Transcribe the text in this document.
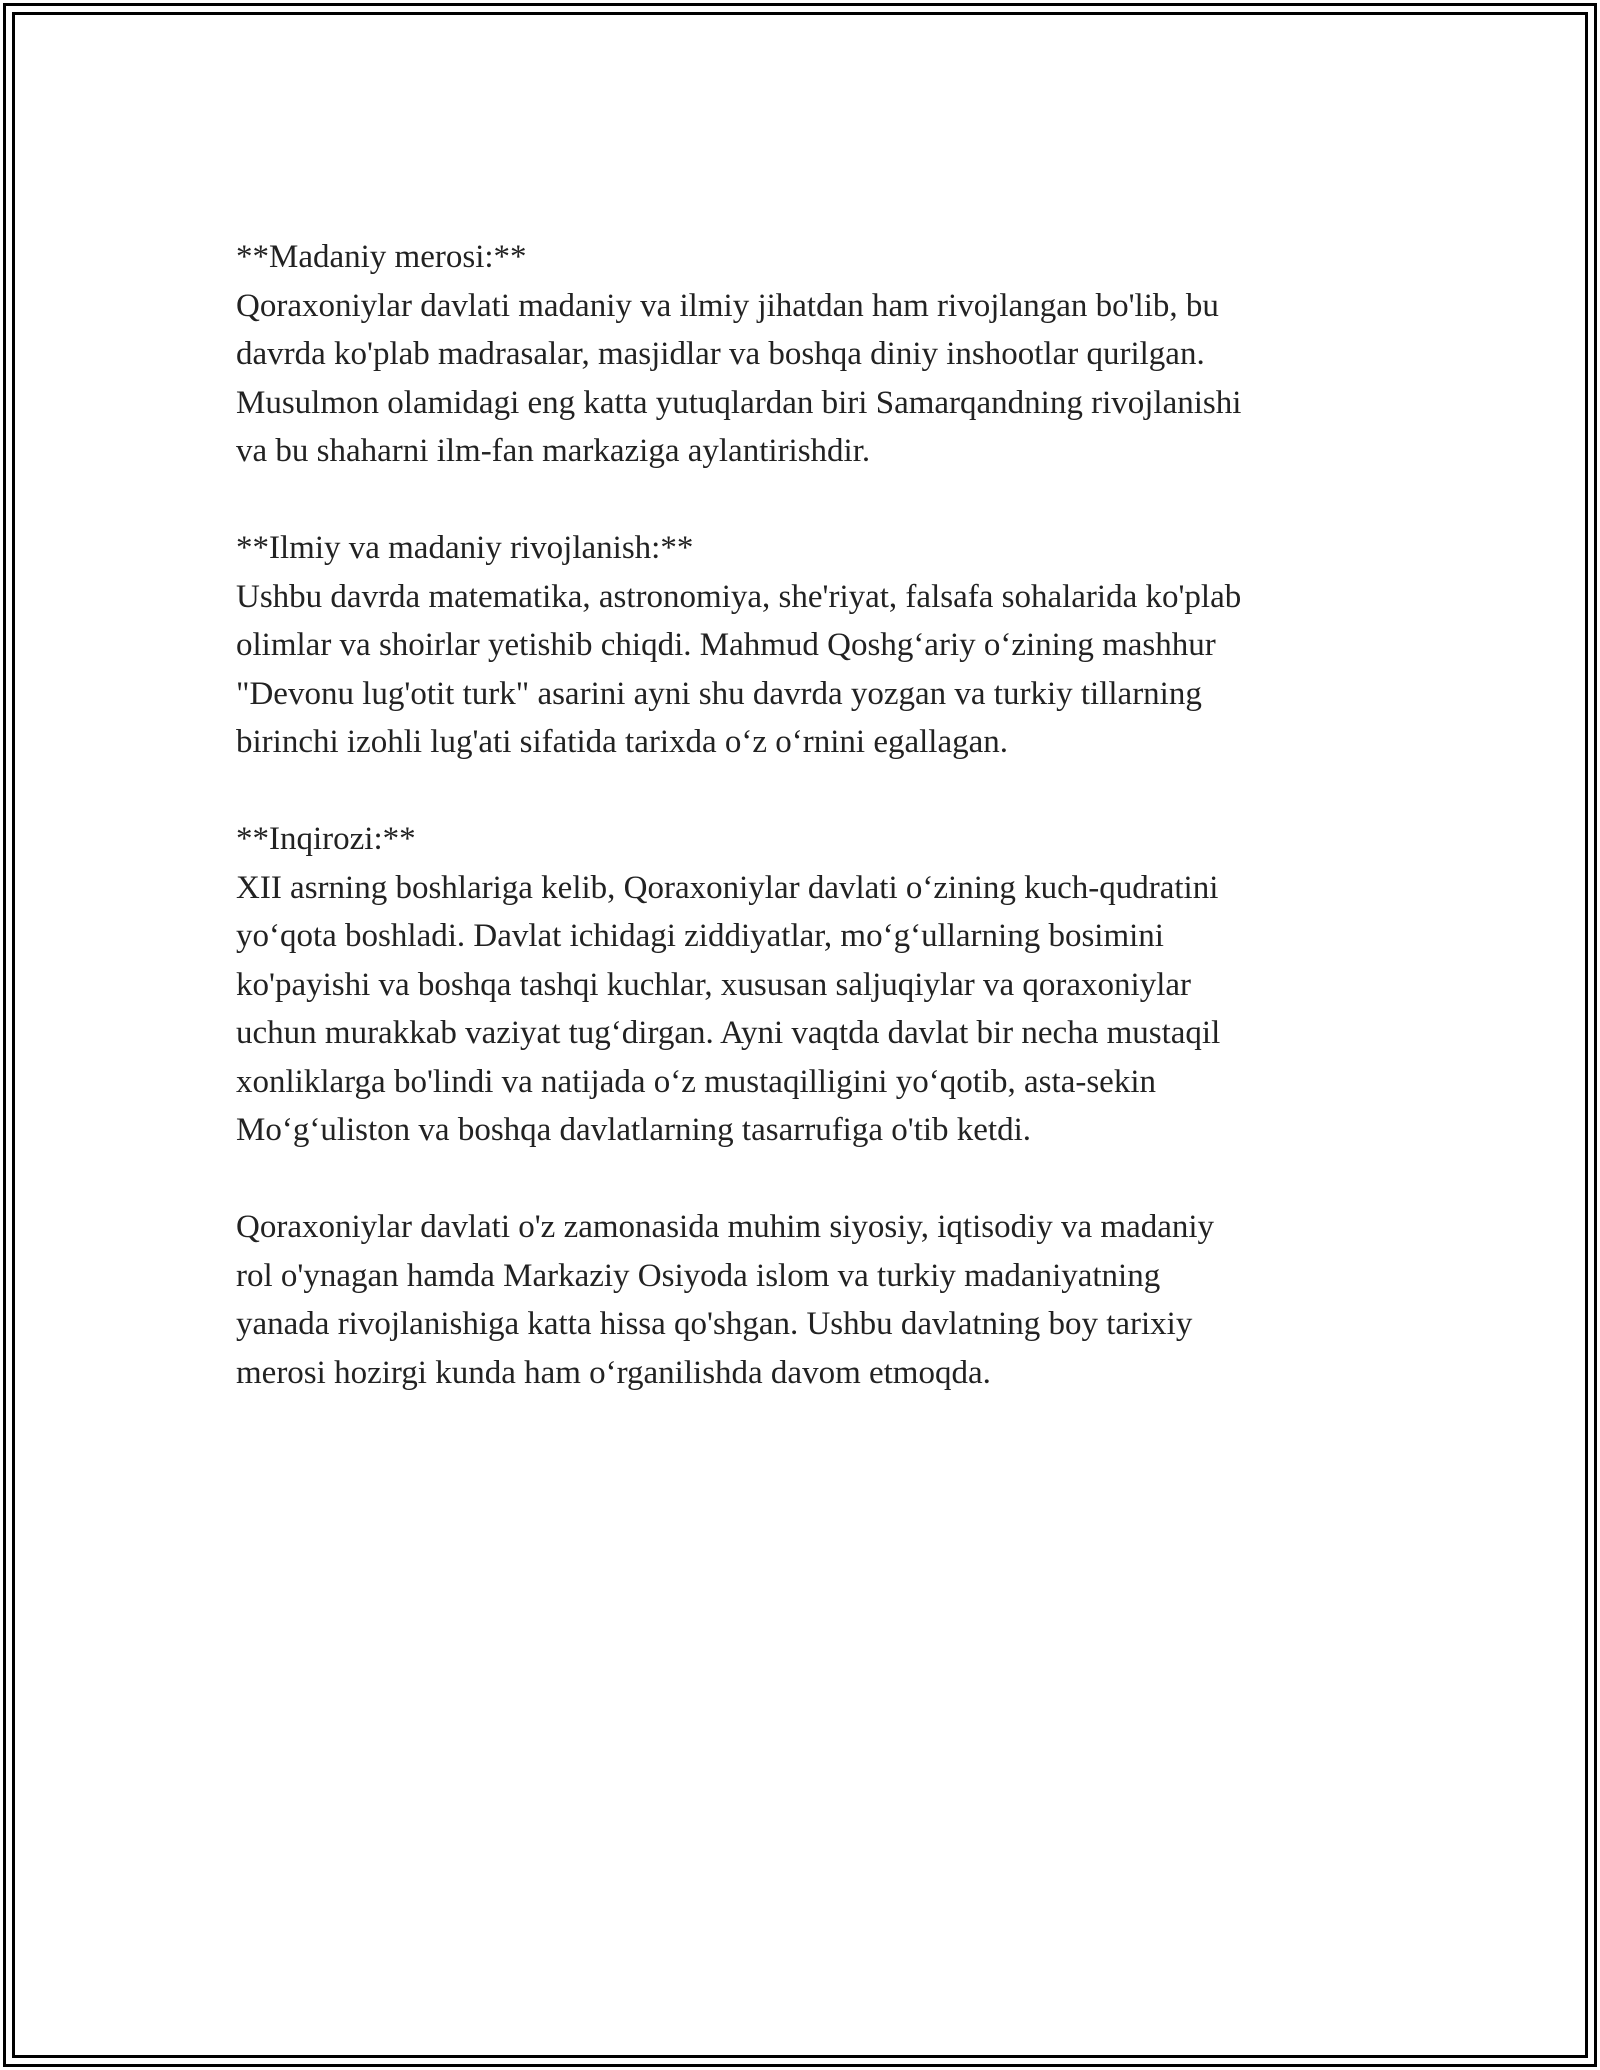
**Madaniy merosi:**

Qoraxoniylar davlati madaniy va ilmiy jihatdan ham rivojlangan bo'lib, bu

davrda ko'plab madrasalar, masjidlar va boshqa diniy inshootlar qurilgan.

Musulmon olamidagi eng katta yutuqlardan biri Samarqandning rivojlanishi

va bu shaharni ilm-fan markaziga aylantirishdir.

**Ilmiy va madaniy rivojlanish:**

Ushbu davrda matematika, astronomiya, she'riyat, falsafa sohalarida ko'plab

olimlar va shoirlar yetishib chiqdi. Mahmud Qoshg‘ariy o‘zining mashhur

"Devonu lug'otit turk" asarini ayni shu davrda yozgan va turkiy tillarning

birinchi izohli lug'ati sifatida tarixda o‘z o‘rnini egallagan.

**Inqirozi:**

XII asrning boshlariga kelib, Qoraxoniylar davlati o‘zining kuch-qudratini

yo‘qota boshladi. Davlat ichidagi ziddiyatlar, mo‘g‘ullarning bosimini

ko'payishi va boshqa tashqi kuchlar, xususan saljuqiylar va qoraxoniylar

uchun murakkab vaziyat tug‘dirgan. Ayni vaqtda davlat bir necha mustaqil

xonliklarga bo'lindi va natijada o‘z mustaqilligini yo‘qotib, asta-sekin

Mo‘g‘uliston va boshqa davlatlarning tasarrufiga o'tib ketdi.

Qoraxoniylar davlati o'z zamonasida muhim siyosiy, iqtisodiy va madaniy

rol o'ynagan hamda Markaziy Osiyoda islom va turkiy madaniyatning

yanada rivojlanishiga katta hissa qo'shgan. Ushbu davlatning boy tarixiy

merosi hozirgi kunda ham o‘rganilishda davom etmoqda.
